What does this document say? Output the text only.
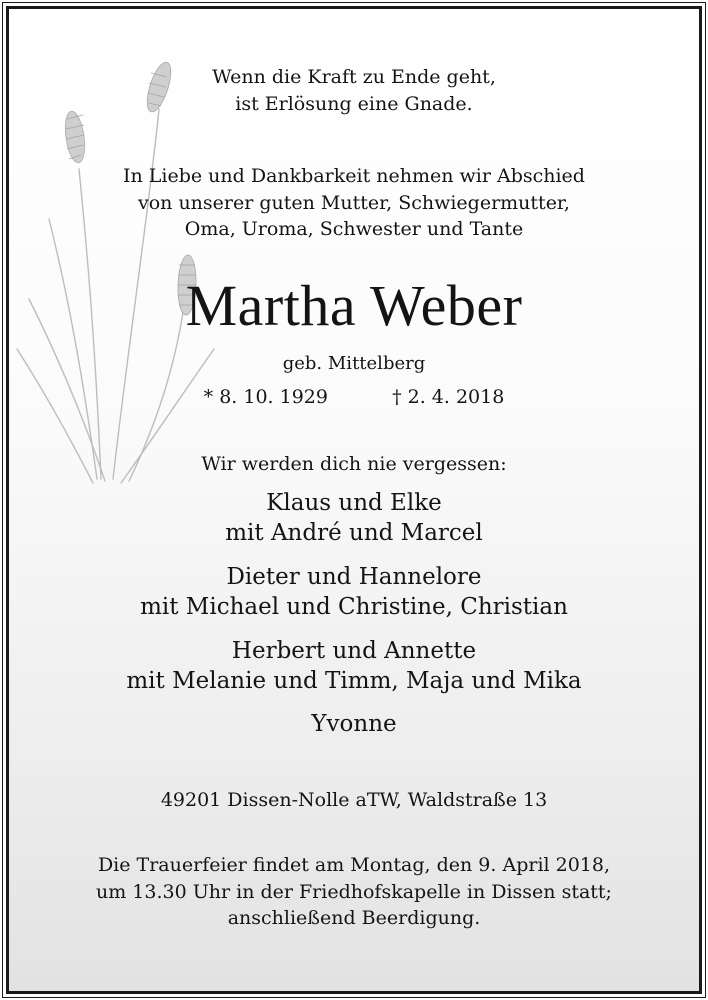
Wenn die Kraft zu Ende geht,
ist Erlösung eine Gnade.
In Liebe und Dankbarkeit nehmen wir Abschied
von unserer guten Mutter, Schwiegermutter,
Oma, Uroma, Schwester und Tante
Martha Weber
geb. Mittelberg
* 8. 10. 1929	† 2. 4. 2018
Wir werden dich nie vergessen:
Klaus und Elke
mit André und Marcel
Dieter und Hannelore
mit Michael und Christine, Christian
Herbert und Annette
mit Melanie und Timm, Maja und Mika
Yvonne
49201 Dissen-Nolle aTW, Waldstraße 13
Die Trauerfeier findet am Montag, den 9. April 2018,
um 13.30 Uhr in der Friedhofskapelle in Dissen statt;
anschließend Beerdigung.
